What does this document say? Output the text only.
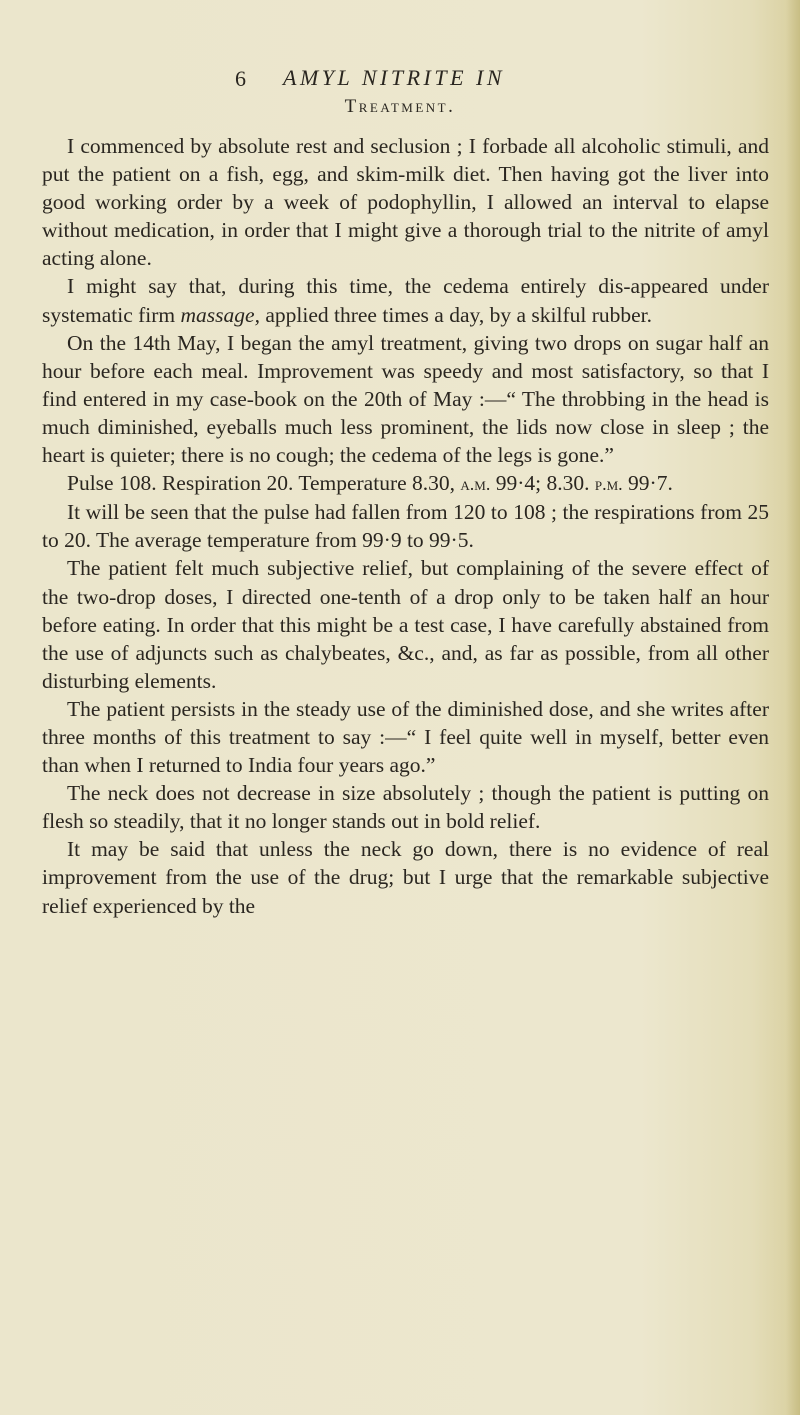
6 AMYL NITRITE IN
Treatment.

I commenced by absolute rest and seclusion ; I forbade all alcoholic stimuli, and put the patient on a fish, egg, and skim-milk diet. Then having got the liver into good working order by a week of podophyllin, I allowed an interval to elapse without medication, in order that I might give a thorough trial to the nitrite of amyl acting alone.

I might say that, during this time, the cedema entirely dis-appeared under systematic firm massage, applied three times a day, by a skilful rubber.

On the 14th May, I began the amyl treatment, giving two drops on sugar half an hour before each meal. Improvement was speedy and most satisfactory, so that I find entered in my case-book on the 20th of May :—“ The throbbing in the head is much diminished, eyeballs much less prominent, the lids now close in sleep ; the heart is quieter; there is no cough; the cedema of the legs is gone.”

Pulse 108. Respiration 20. Temperature 8.30, a.m. 99·4; 8.30. p.m. 99·7.

It will be seen that the pulse had fallen from 120 to 108 ; the respirations from 25 to 20. The average temperature from 99·9 to 99·5.

The patient felt much subjective relief, but complaining of the severe effect of the two-drop doses, I directed one-tenth of a drop only to be taken half an hour before eating. In order that this might be a test case, I have carefully abstained from the use of adjuncts such as chalybeates, &c., and, as far as possible, from all other disturbing elements.

The patient persists in the steady use of the diminished dose, and she writes after three months of this treatment to say :—“ I feel quite well in myself, better even than when I returned to India four years ago.”

The neck does not decrease in size absolutely ; though the patient is putting on flesh so steadily, that it no longer stands out in bold relief.

It may be said that unless the neck go down, there is no evidence of real improvement from the use of the drug; but I urge that the remarkable subjective relief experienced by the
